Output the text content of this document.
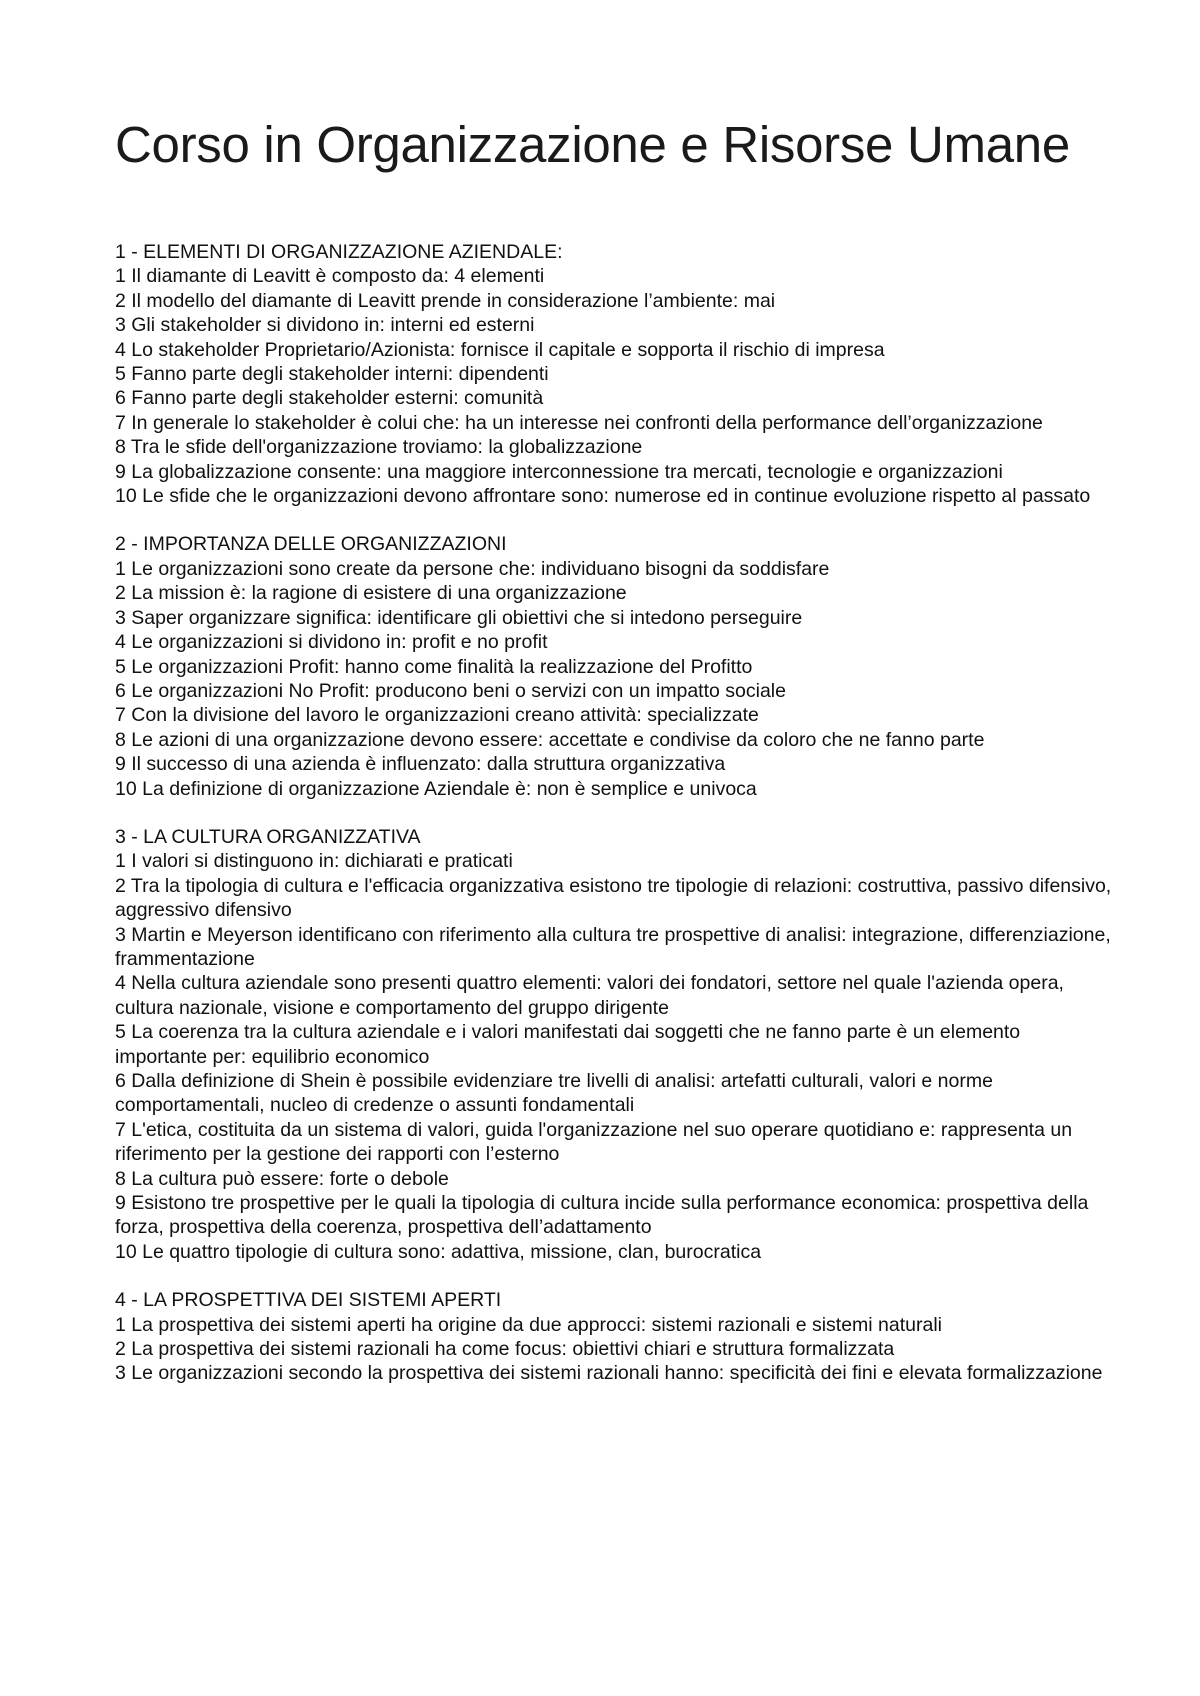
Corso in Organizzazione e Risorse Umane

1 - ELEMENTI DI ORGANIZZAZIONE AZIENDALE:

1 Il diamante di Leavitt è composto da: 4 elementi

2 Il modello del diamante di Leavitt prende in considerazione l’ambiente: mai

3 Gli stakeholder si dividono in: interni ed esterni

4 Lo stakeholder Proprietario/Azionista: fornisce il capitale e sopporta il rischio di impresa

5 Fanno parte degli stakeholder interni: dipendenti

6 Fanno parte degli stakeholder esterni: comunità

7 In generale lo stakeholder è colui che: ha un interesse nei confronti della performance dell’organizzazione

8 Tra le sfide dell'organizzazione troviamo: la globalizzazione

9 La globalizzazione consente: una maggiore interconnessione tra mercati, tecnologie e organizzazioni

10 Le sfide che le organizzazioni devono affrontare sono: numerose ed in continue evoluzione rispetto al passato

2 - IMPORTANZA DELLE ORGANIZZAZIONI

1 Le organizzazioni sono create da persone che: individuano bisogni da soddisfare

2 La mission è: la ragione di esistere di una organizzazione

3 Saper organizzare significa: identificare gli obiettivi che si intedono perseguire

4 Le organizzazioni si dividono in: profit e no profit

5 Le organizzazioni Profit: hanno come finalità la realizzazione del Profitto

6 Le organizzazioni No Profit: producono beni o servizi con un impatto sociale

7 Con la divisione del lavoro le organizzazioni creano attività: specializzate

8 Le azioni di una organizzazione devono essere: accettate e condivise da coloro che ne fanno parte

9 Il successo di una azienda è influenzato: dalla struttura organizzativa

10 La definizione di organizzazione Aziendale è: non è semplice e univoca

3 - LA CULTURA ORGANIZZATIVA

1 I valori si distinguono in: dichiarati e praticati

2 Tra la tipologia di cultura e l'efficacia organizzativa esistono tre tipologie di relazioni: costruttiva, passivo difensivo, aggressivo difensivo

3 Martin e Meyerson identificano con riferimento alla cultura tre prospettive di analisi: integrazione, differenziazione, frammentazione

4 Nella cultura aziendale sono presenti quattro elementi: valori dei fondatori, settore nel quale l'azienda opera, cultura nazionale, visione e comportamento del gruppo dirigente

5 La coerenza tra la cultura aziendale e i valori manifestati dai soggetti che ne fanno parte è un elemento importante per: equilibrio economico

6 Dalla definizione di Shein è possibile evidenziare tre livelli di analisi: artefatti culturali, valori e norme comportamentali, nucleo di credenze o assunti fondamentali

7 L'etica, costituita da un sistema di valori, guida l'organizzazione nel suo operare quotidiano e: rappresenta un riferimento per la gestione dei rapporti con l’esterno

8 La cultura può essere: forte o debole

9 Esistono tre prospettive per le quali la tipologia di cultura incide sulla performance economica: prospettiva della forza, prospettiva della coerenza, prospettiva dell’adattamento

10 Le quattro tipologie di cultura sono: adattiva, missione, clan, burocratica

4 - LA PROSPETTIVA DEI SISTEMI APERTI

1 La prospettiva dei sistemi aperti ha origine da due approcci: sistemi razionali e sistemi naturali

2 La prospettiva dei sistemi razionali ha come focus: obiettivi chiari e struttura formalizzata

3 Le organizzazioni secondo la prospettiva dei sistemi razionali hanno: specificità dei fini e elevata formalizzazione
